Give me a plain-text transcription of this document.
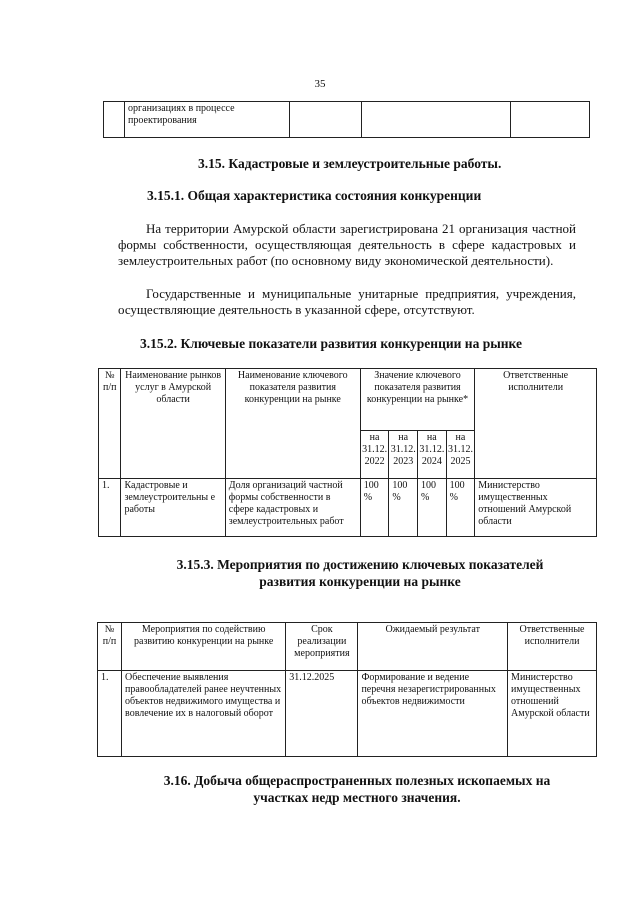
35
	организациях в процессе проектирования			
3.15. Кадастровые и землеустроительные работы.
3.15.1. Общая характеристика состояния конкуренции
На территории Амурской области зарегистрирована 21 организация частной формы собственности, осуществляющая деятельность в сфере кадастровых и землеустроительных работ (по основному виду экономической деятельности).
Государственные и муниципальные унитарные предприятия, учреждения, осуществляющие деятельность в указанной сфере, отсутствуют.
3.15.2. Ключевые показатели развития конкуренции на рынке
№ п/п	Наименование рынков услуг в Амурской области	Наименование ключевого показателя развития конкуренции на рынке	Значение ключевого показателя развития конкуренции на рынке*				Ответственные исполнители
			на 31.12. 2022	на 31.12. 2023	на 31.12. 2024	на 31.12. 2025	
1.	Кадастровые и землеустроительны е работы	Доля организаций частной формы собственности в сфере кадастровых и землеустроительных работ	100 %	100 %	100 %	100 %	Министерство имущественных отношений Амурской области
3.15.3. Мероприятия по достижению ключевых показателей
развития конкуренции на рынке
№ п/п	Мероприятия по содействию развитию конкуренции на рынке	Срок реализации мероприятия	Ожидаемый результат	Ответственные исполнители
1.	Обеспечение выявления правообладателей ранее неучтенных объектов недвижимого имущества и вовлечение их в налоговый оборот	31.12.2025	Формирование и ведение перечня незарегистрированных объектов недвижимости	Министерство имущественных отношений Амурской области
3.16. Добыча общераспространенных полезных ископаемых на
участках недр местного значения.
